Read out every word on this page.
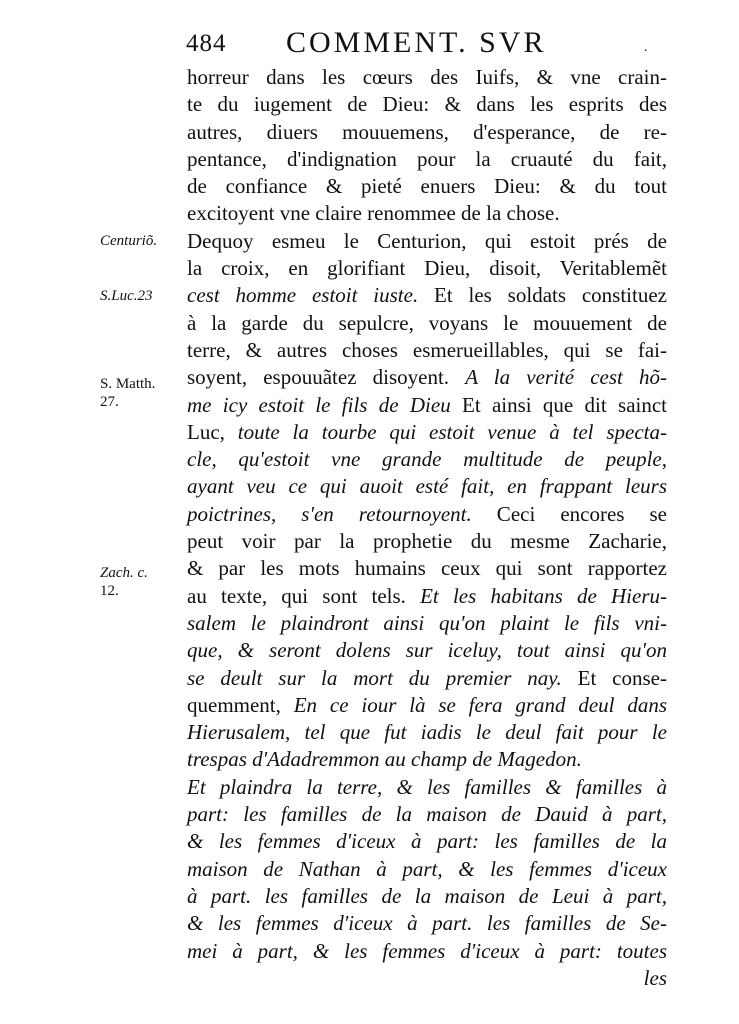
484 COMMENT. SVR	.
Centuriõ.
S.Luc.23
S. Matth.
27.
Zach. c.
12.
horreur dans les cœurs des Iuifs, & vne crain-
te du iugement de Dieu: & dans les esprits des
autres, diuers mouuemens, d'esperance, de re-
pentance, d'indignation pour la cruauté du fait,
de confiance & pieté enuers Dieu: & du tout
excitoyent vne claire renommee de la chose.
Dequoy esmeu le Centurion, qui estoit prés de
la croix, en glorifiant Dieu, disoit, Veritablemẽt
cest homme estoit iuste. Et les soldats constituez
à la garde du sepulcre, voyans le mouuement de
terre, & autres choses esmerueillables, qui se fai-
soyent, espouuãtez disoyent. A la verité cest hõ-
me icy estoit le fils de Dieu Et ainsi que dit sainct
Luc, toute la tourbe qui estoit venue à tel specta-
cle, qu'estoit vne grande multitude de peuple,
ayant veu ce qui auoit esté fait, en frappant leurs
poictrines, s'en retournoyent. Ceci encores se
peut voir par la prophetie du mesme Zacharie,
& par les mots humains ceux qui sont rapportez
au texte, qui sont tels. Et les habitans de Hieru-
salem le plaindront ainsi qu'on plaint le fils vni-
que, & seront dolens sur iceluy, tout ainsi qu'on
se deult sur la mort du premier nay. Et conse-
quemment, En ce iour là se fera grand deul dans
Hierusalem, tel que fut iadis le deul fait pour le
trespas d'Adadremmon au champ de Magedon.
Et plaindra la terre, & les familles & familles à
part: les familles de la maison de Dauid à part,
& les femmes d'iceux à part: les familles de la
maison de Nathan à part, & les femmes d'iceux
à part. les familles de la maison de Leui à part,
& les femmes d'iceux à part. les familles de Se-
mei à part, & les femmes d'iceux à part: toutes
les
